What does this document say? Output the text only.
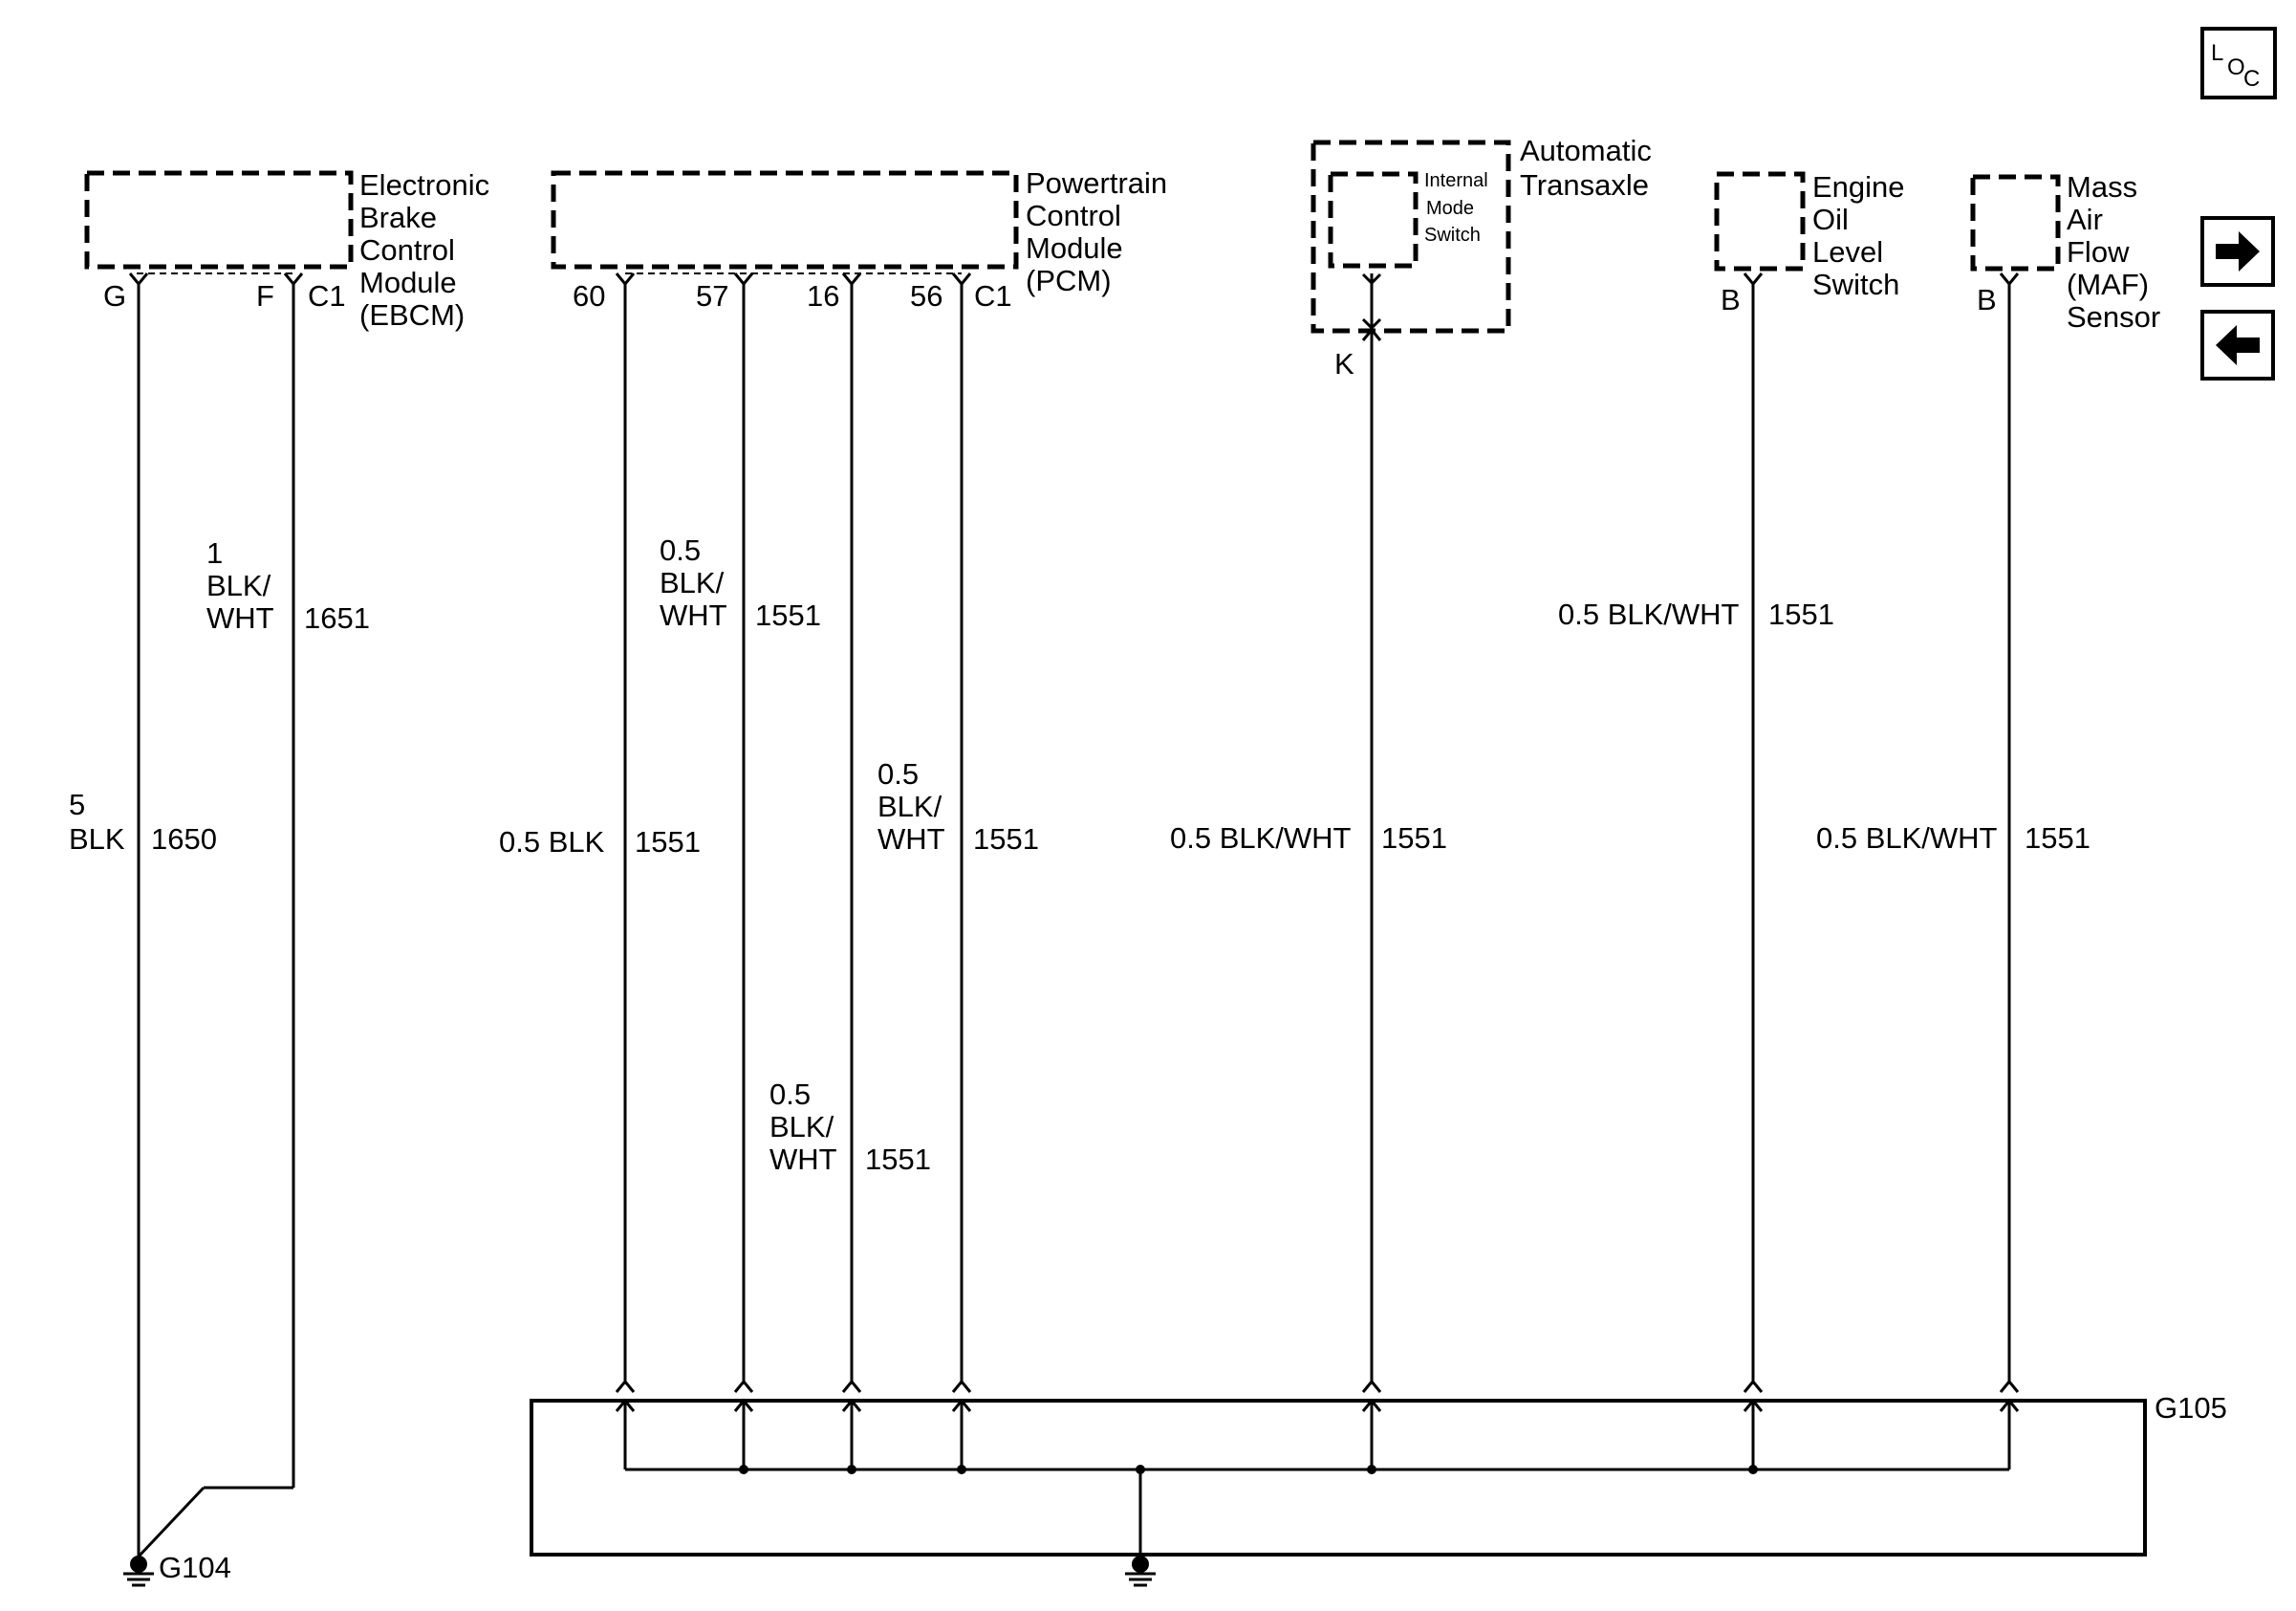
L
O
C
Electronic
Brake
Control
Module
(EBCM)
G	F C1
Powertrain
Control
Module
(PCM)
60	57	16 56 C1
Internal
Mode
Switch
Automatic
Transaxle
K
Engine
Oil
Level
Switch
B
Mass
Air
Flow
(MAF)
Sensor
B
5
BLK 1650
1
BLK/
WHT 1651
0.5 BLK 1551
0.5
BLK/
WHT 1551
0.5
BLK/
WHT 1551
0.5
BLK/
WHT 1551	0.5 BLK/WHT 1551
0.5 BLK/WHT 1551
0.5 BLK/WHT 1551
G105
G104
